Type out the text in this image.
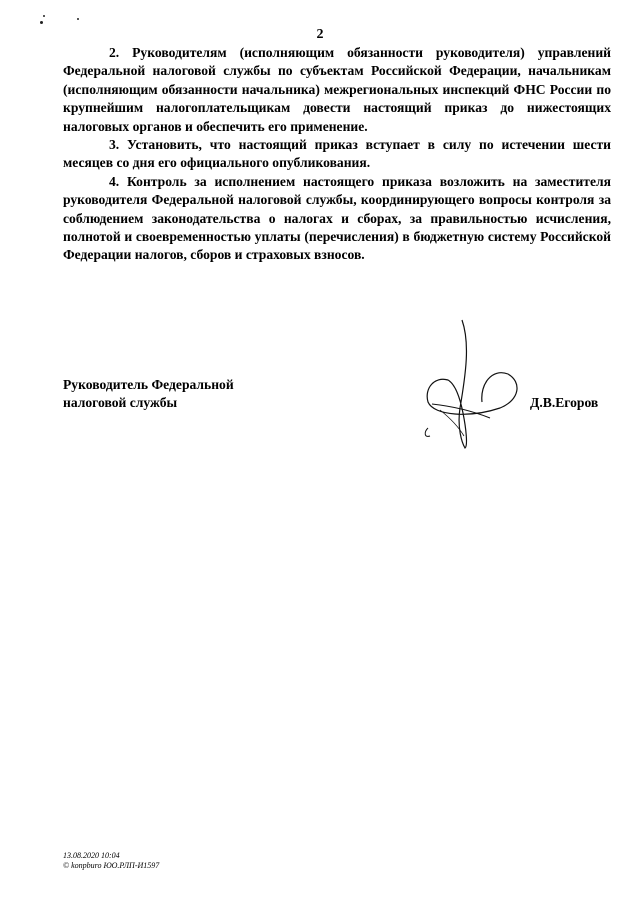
2

2. Руководителям (исполняющим обязанности руководителя) управлений Федеральной налоговой службы по субъектам Российской Федерации, начальникам (исполняющим обязанности начальника) межрегиональных инспекций ФНС России по крупнейшим налогоплательщикам довести настоящий приказ до нижестоящих налоговых органов и обеспечить его применение.

3. Установить, что настоящий приказ вступает в силу по истечении шести месяцев со дня его официального опубликования.

4. Контроль за исполнением настоящего приказа возложить на заместителя руководителя Федеральной налоговой службы, координирующего вопросы контроля за соблюдением законодательства о налогах и сборах, за правильностью исчисления, полнотой и своевременностью уплаты (перечисления) в бюджетную систему Российской Федерации налогов, сборов и страховых взносов.

Руководитель Федеральной
налоговой службы	Д.В.Егоров
13.08.2020 10:04
© konpburo ЮО.РЛП-И1597
